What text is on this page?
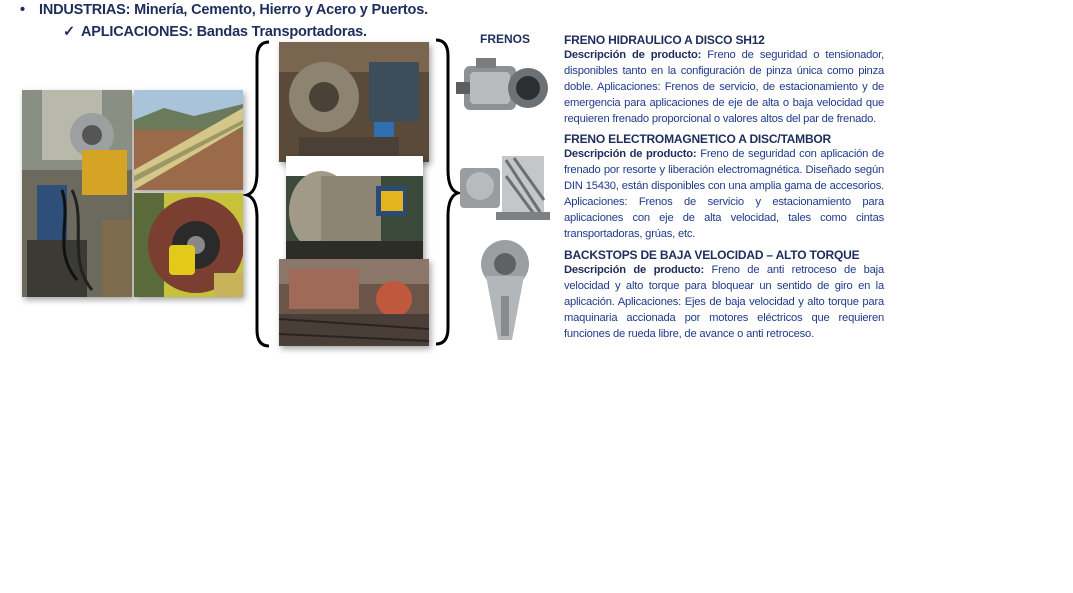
• INDUSTRIAS: Minería, Cemento, Hierro y Acero y Puertos.
✓ APLICACIONES: Bandas Transportadoras.	FRENOS	FRENO HIDRAULICO A DISCO SH12
Descripción de producto: Freno de seguridad o tensionador, disponibles tanto en la configuración de pinza única como pinza doble. Aplicaciones: Frenos de servicio, de estacionamiento y de emergencia para aplicaciones de eje de alta o baja velocidad que requieren frenado proporcional o valores altos del par de frenado.
FRENO ELECTROMAGNETICO A DISC/TAMBOR
Descripción de producto: Freno de seguridad con aplicación de frenado por resorte y liberación electromagnética. Diseñado según DIN 15430, están disponibles con una amplia gama de accesorios. Aplicaciones: Frenos de servicio y estacionamiento para aplicaciones con eje de alta velocidad, tales como cintas transportadoras, grúas, etc.
BACKSTOPS DE BAJA VELOCIDAD – ALTO TORQUE
Descripción de producto: Freno de anti retroceso de baja velocidad y alto torque para bloquear un sentido de giro en la aplicación. Aplicaciones: Ejes de baja velocidad y alto torque para maquinaria accionada por motores eléctricos que requieren funciones de rueda libre, de avance o anti retroceso.
